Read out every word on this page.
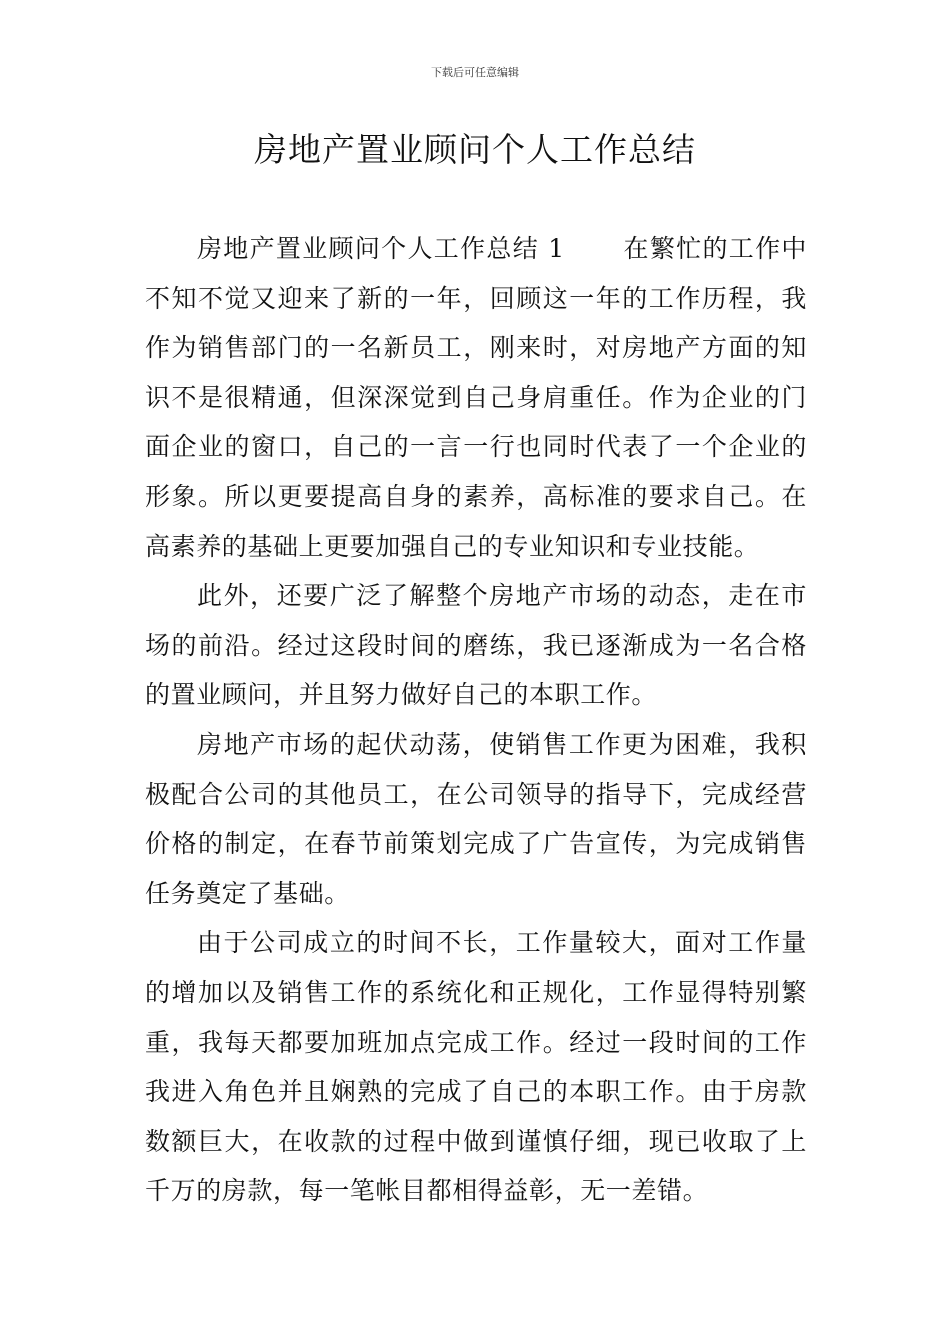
下载后可任意编辑
房地产置业顾问个人工作总结

房地产置业顾问个人工作总结 1 在繁忙的工作中不知不觉又迎来了新的一年，回顾这一年的工作历程，我作为销售部门的一名新员工，刚来时，对房地产方面的知识不是很精通，但深深觉到自己身肩重任。作为企业的门面企业的窗口，自己的一言一行也同时代表了一个企业的形象。所以更要提高自身的素养，高标准的要求自己。在高素养的基础上更要加强自己的专业知识和专业技能。

此外，还要广泛了解整个房地产市场的动态，走在市场的前沿。经过这段时间的磨练，我已逐渐成为一名合格的置业顾问，并且努力做好自己的本职工作。

房地产市场的起伏动荡，使销售工作更为困难，我积极配合公司的其他员工，在公司领导的指导下，完成经营价格的制定，在春节前策划完成了广告宣传，为完成销售任务奠定了基础。

由于公司成立的时间不长，工作量较大，面对工作量的增加以及销售工作的系统化和正规化，工作显得特别繁重，我每天都要加班加点完成工作。经过一段时间的工作我进入角色并且娴熟的完成了自己的本职工作。由于房款数额巨大，在收款的过程中做到谨慎仔细，现已收取了上千万的房款，每一笔帐目都相得益彰，无一差错。
